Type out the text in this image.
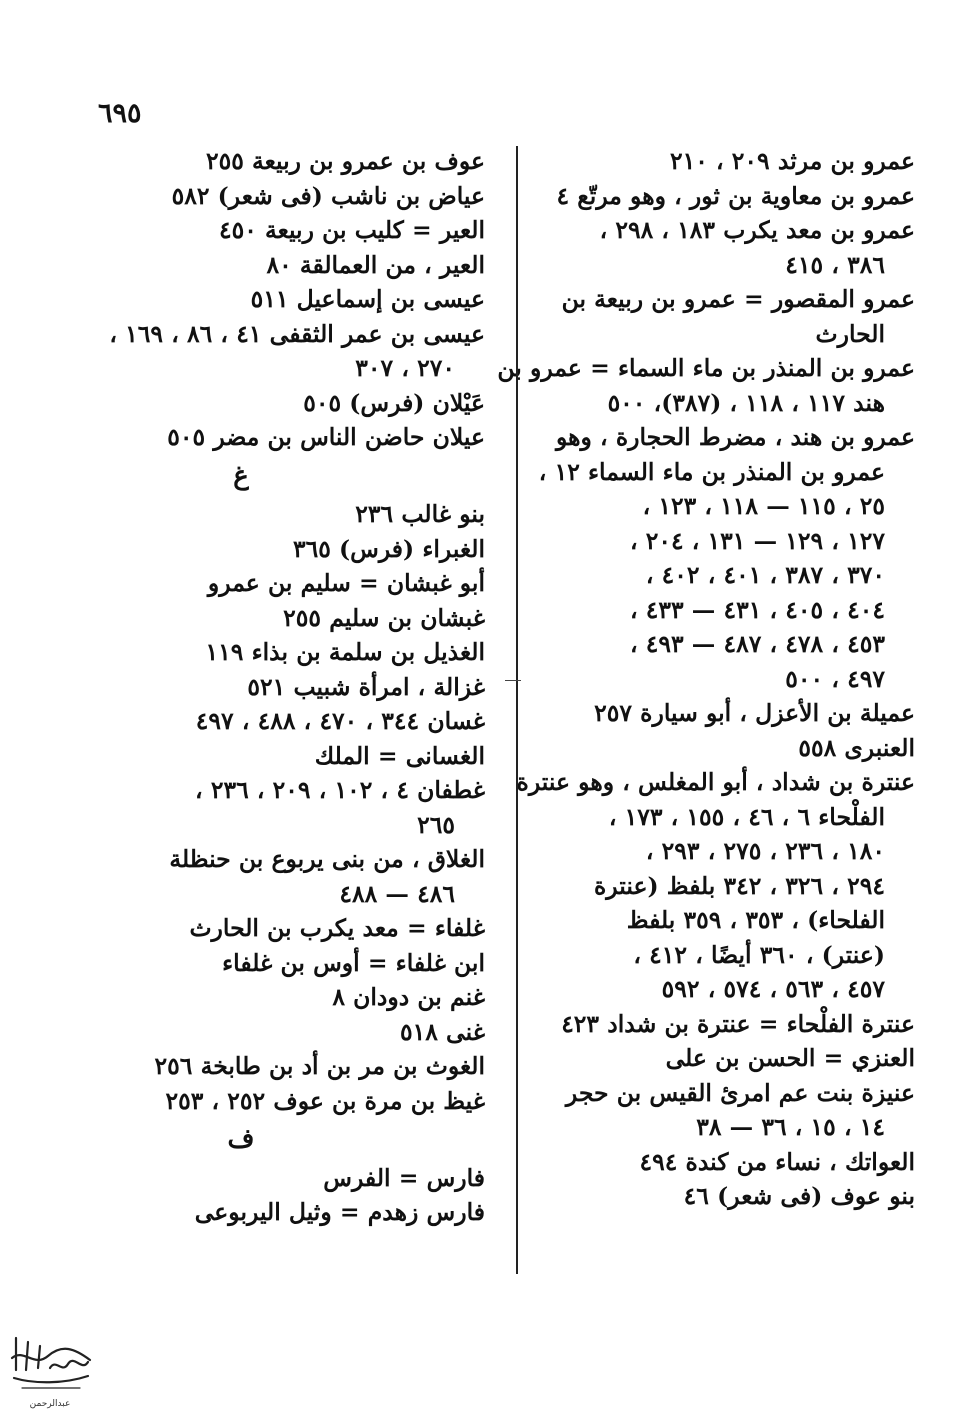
٦٩٥
عمرو بن مرثد ٢٠٩ ، ٢١٠
عمرو بن معاوية بن ثور ، وهو مرتّع ٤
عمرو بن معد يكرب ١٨٣ ، ٢٩٨ ،
٣٨٦ ، ٤١٥
عمرو المقصور = عمرو بن ربيعة بن
الحارث
عمرو بن المنذر بن ماء السماء = عمرو بن
هند ١١٧ ، ١١٨ ، (٣٨٧)، ٥٠٠
عمرو بن هند ، مضرط الحجارة ، وهو
عمرو بن المنذر بن ماء السماء ١٢ ،
٢٥ ، ١١٥ — ١١٨ ، ١٢٣ ،
١٢٧ ، ١٢٩ — ١٣١ ، ٢٠٤ ،
٣٧٠ ، ٣٨٧ ، ٤٠١ ، ٤٠٢ ،
٤٠٤ ، ٤٠٥ ، ٤٣١ — ٤٣٣ ،
٤٥٣ ، ٤٧٨ ، ٤٨٧ — ٤٩٣ ،
٤٩٧ ، ٥٠٠
عميلة بن الأعزل ، أبو سيارة ٢٥٧
العنبرى ٥٥٨
عنترة بن شداد ، أبو المغلس ، وهو عنترة
الفلْحاء ٦ ، ٤٦ ، ١٥٥ ، ١٧٣ ،
١٨٠ ، ٢٣٦ ، ٢٧٥ ، ٢٩٣ ،
٢٩٤ ، ٣٢٦ ، ٣٤٢ بلفظ (عنترة
الفلحاء) ، ٣٥٣ ، ٣٥٩ بلفظ
(عنتر) ، ٣٦٠ أيضًا ، ٤١٢ ،
٤٥٧ ، ٥٦٣ ، ٥٧٤ ، ٥٩٢
عنترة الفلْحاء = عنترة بن شداد ٤٢٣
العنزي = الحسن بن على
عنيزة بنت عم امرئ القيس بن حجر
١٤ ، ١٥ ، ٣٦ — ٣٨
العواتك ، نساء من كندة ٤٩٤
بنو عوف (فى شعر) ٤٦
عوف بن عمرو بن ربيعة ٢٥٥
عياض بن ناشب (فى شعر) ٥٨٢
العير = كليب بن ربيعة ٤٥٠
العير ، من العمالقة ٨٠
عيسى بن إسماعيل ٥١١
عيسى بن عمر الثقفى ٤١ ، ٨٦ ، ١٦٩ ،
٢٧٠ ، ٣٠٧
عَيْلان (فرس) ٥٠٥
عيلان حاضن الناس بن مضر ٥٠٥
غ
بنو غالب ٢٣٦
الغبراء (فرس) ٣٦٥
أبو غبشان = سليم بن عمرو
غبشان بن سليم ٢٥٥
الغذيل بن سلمة بن بذاء ١١٩
غزالة ، امرأة شبيب ٥٢١
غسان ٣٤٤ ، ٤٧٠ ، ٤٨٨ ، ٤٩٧
الغسانى = الملك
غطفان ٤ ، ١٠٢ ، ٢٠٩ ، ٢٣٦ ،
٢٦٥
الغلاق ، من بنى يربوع بن حنظلة
٤٨٦ — ٤٨٨
غلفاء = معد يكرب بن الحارث
ابن غلفاء = أوس بن غلفاء
غنم بن دودان ٨
غنى ٥١٨
الغوث بن مر بن أد بن طابخة ٢٥٦
غيظ بن مرة بن عوف ٢٥٢ ، ٢٥٣
ف
فارس = الفرس
فارس زهدم = وثيل اليربوعى
عبدالرحمن
